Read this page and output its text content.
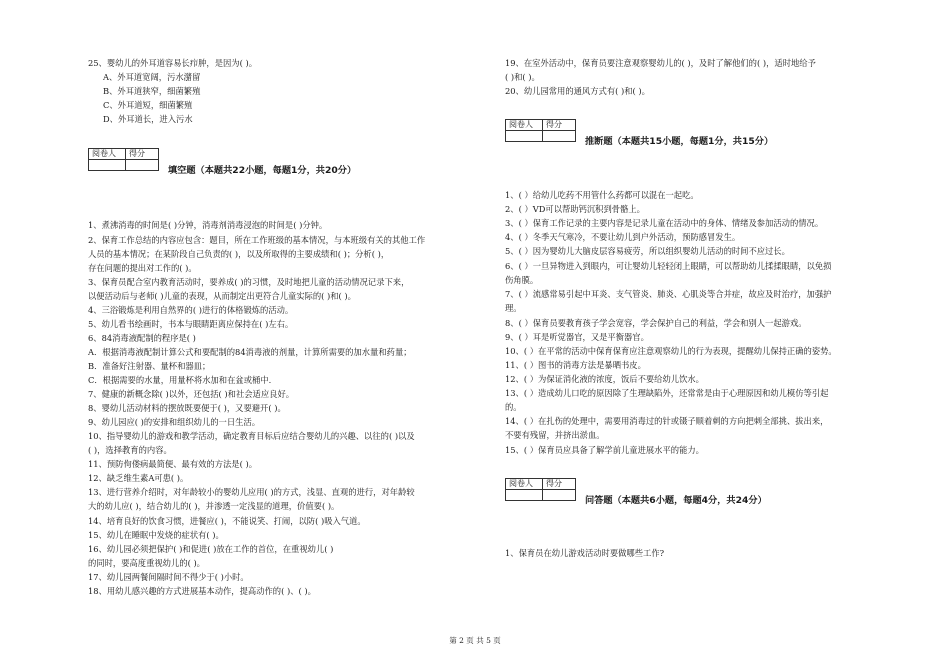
25、婴幼儿的外耳道容易长疖肿，是因为( )。
A、外耳道宽阔，污水潴留
B、外耳道狭窄，细菌繁殖
C、外耳道短，细菌繁殖
D、外耳道长，进入污水
阅卷人	得分

填空题（本题共22小题，每题1分，共20分）
1、煮沸消毒的时间是( )分钟，消毒剂消毒浸泡的时间是( )分钟。
2、保育工作总结的内容应包含：题目，所在工作班级的基本情况，与本班级有关的其他工作
人员的基本情况；在某阶段自己负责的( )，以及所取得的主要成绩和( )；分析( )，
存在问题的提出对工作的( )。
3、保育员配合室内教育活动时，要养成( )的习惯，及时地把儿童的活动情况记录下来，
以便活动后与老师( )儿童的表现，从而制定出更符合儿童实际的( )和( )。
4、三浴锻炼是利用自然界的( )进行的体格锻炼的活动。
5、幼儿看书绘画时，书本与眼睛距离应保持在( )左右。
6、84消毒液配制的程序是( )
A．根据消毒液配制计算公式和要配制的84消毒液的剂量，计算所需要的加水量和药量；
B．准备好注射器、量杯和器皿；
C．根据需要的水量，用量杯将水加和在盆或桶中.
7、健康的新概念除( )以外，还包括( )和社会适应良好。
8、婴幼儿活动材料的摆放既要便于( )，又要避开( )。
9、幼儿园应( )的安排和组织幼儿的一日生活。
10、指导婴幼儿的游戏和教学活动，确定教育目标后应结合婴幼儿的兴趣、以往的( )以及
( )，选择教育的内容。
11、预防佝偻病最简便、最有效的方法是( )。
12、缺乏维生素A可患( )。
13、进行营养介绍时，对年龄较小的婴幼儿应用( )的方式，浅显、直观的进行，对年龄较
大的幼儿应( )，结合幼儿的( )，并渗透一定浅显的道理，价值要( )。
14、培育良好的饮食习惯，进餐应( )，不能说笑、打闹，以防( )吸入气道。
15、幼儿在睡眠中发烧的症状有( )。
16、幼儿园必须把保护( )和促进( )放在工作的首位，在重视幼儿( )
的同时，要高度重视幼儿的( )。
17、幼儿园两餐间隔时间不得少于( )小时。
18、用幼儿感兴趣的方式进展基本动作，提高动作的( )、( )。
19、在室外活动中，保育员要注意观察婴幼儿的( )，及时了解他们的( )，适时地给予
( )和( )。
20、幼儿园常用的通风方式有( )和( )。
阅卷人	得分

推断题（本题共15小题，每题1分，共15分）
1、( ）给幼儿吃药不用管什么药都可以混在一起吃。
2、( ）VD可以帮助钙沉积到骨骼上。
3、( ）保育工作记录的主要内容是记录儿童在活动中的身体、情绪及参加活动的情况。
4、( ）冬季天气寒冷，不要让幼儿到户外活动，预防感冒发生。
5、( ）因为婴幼儿大脑皮层容易疲劳，所以组织婴幼儿活动的时间不应过长。
6、( ）一旦异物进入到眼内，可让婴幼儿轻轻闭上眼睛，可以帮助幼儿揉揉眼睛，以免损
伤角膜。
7、( ）流感常易引起中耳炎、支气管炎、肺炎、心肌炎等合并症，故应及时治疗，加强护
理。
8、( ）保育员要教育孩子学会宽容，学会保护自己的利益，学会和别人一起游戏。
9、( ）耳是听觉器官，又是平衡器官。
10、( ）在平常的活动中保育保育应注意观察幼儿的行为表现，提醒幼儿保持正确的姿势。
11、( ）图书的消毒方法是暴晒书皮。
12、( ）为保证消化液的浓度，饭后不要给幼儿饮水。
13、( ）造成幼儿口吃的原因除了生理缺陷外，还常常是由于心理原因和幼儿模仿等引起
的。
14、( ）在扎伤的处理中，需要用消毒过的针或镊子顺着刺的方向把刺全部挑、拔出来，
不要有残留，并挤出淤血。
15、( ）保育员应具备了解学前儿童进展水平的能力。
阅卷人	得分

问答题（本题共6小题，每题4分，共24分）
1、保育员在幼儿游戏活动时要做哪些工作?
第 2 页 共 5 页
